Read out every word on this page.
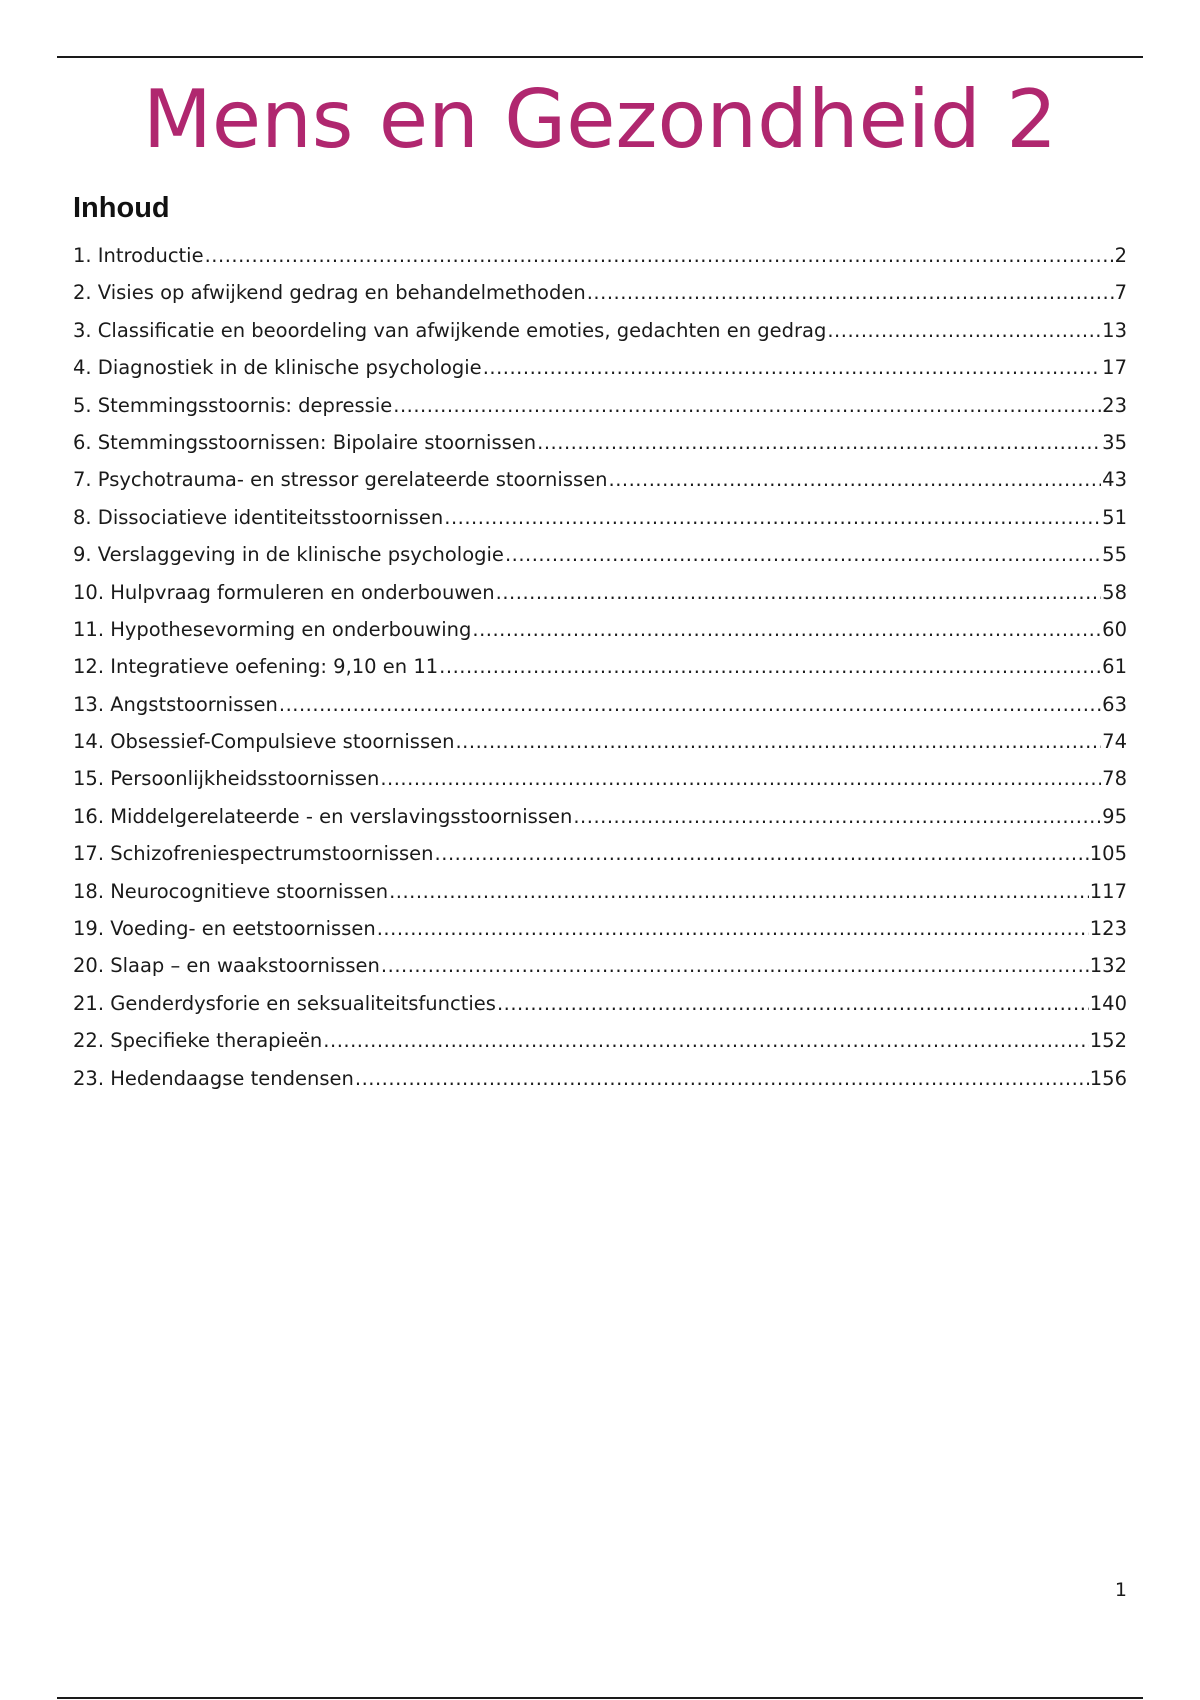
Mens en Gezondheid 2
Inhoud
1. Introductie .....	2
2. Visies op afwijkend gedrag en behandelmethoden .....	7
3. Classificatie en beoordeling van afwijkende emoties, gedachten en gedrag .....	13
4. Diagnostiek in de klinische psychologie .....	17
5. Stemmingsstoornis: depressie .....	23
6. Stemmingsstoornissen: Bipolaire stoornissen .....	35
7. Psychotrauma- en stressor gerelateerde stoornissen .....	43
8. Dissociatieve identiteitsstoornissen .....	51
9. Verslaggeving in de klinische psychologie .....	55
10. Hulpvraag formuleren en onderbouwen .....	58
11. Hypothesevorming en onderbouwing .....	60
12. Integratieve oefening: 9,10 en 11 .....	61
13. Angststoornissen .....	63
14. Obsessief-Compulsieve stoornissen .....	74
15. Persoonlijkheidsstoornissen .....	78
16. Middelgerelateerde - en verslavingsstoornissen .....	95
17. Schizofreniespectrumstoornissen .....	105
18. Neurocognitieve stoornissen .....	117
19. Voeding- en eetstoornissen .....	123
20. Slaap – en waakstoornissen .....	132
21. Genderdysforie en seksualiteitsfuncties .....	140
22. Specifieke therapieën .....	152
23. Hedendaagse tendensen .....	156
1
